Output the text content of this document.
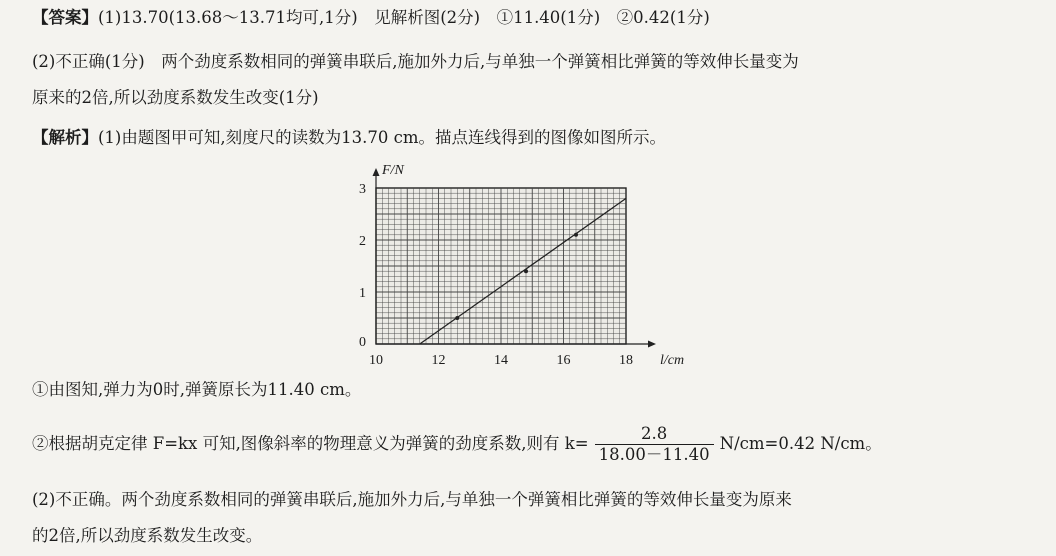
【答案】(1)13.70(13.68～13.71均可,1分)　见解析图(2分)　①11.40(1分)　②0.42(1分)
(2)不正确(1分)　两个劲度系数相同的弹簧串联后,施加外力后,与单独一个弹簧相比弹簧的等效伸长量变为
原来的2倍,所以劲度系数发生改变(1分)
【解析】(1)由题图甲可知,刻度尺的读数为13.70 cm。描点连线得到的图像如图所示。
10	12	14	16	18
0
1
2
3
l/cm
F/N
①由图知,弹力为0时,弹簧原长为11.40 cm。
②根据胡克定律 F=kx 可知,图像斜率的物理意义为弹簧的劲度系数,则有 $k= \frac{2.8}{18.00-11.40} N/cm=0.42$ N/cm。
(2)不正确。两个劲度系数相同的弹簧串联后,施加外力后,与单独一个弹簧相比弹簧的等效伸长量变为原来
的2倍,所以劲度系数发生改变。
